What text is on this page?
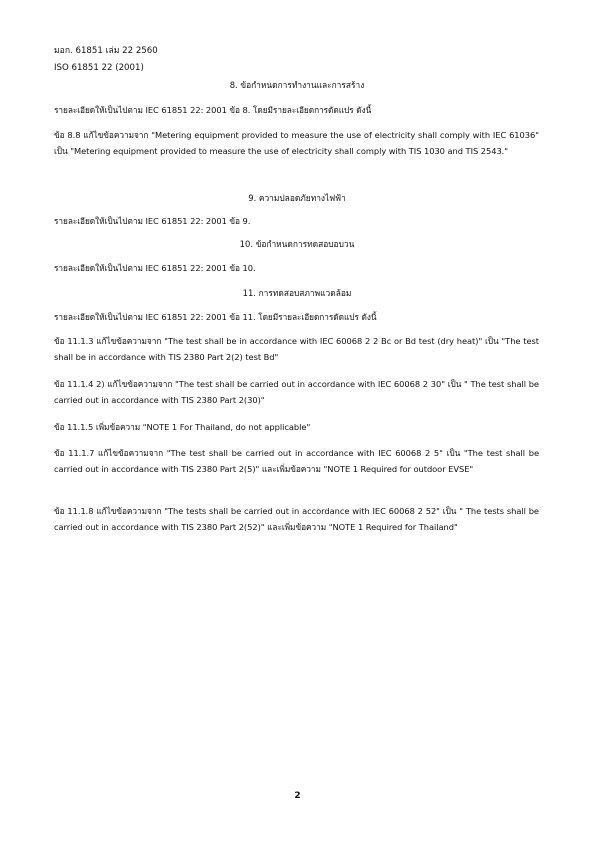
มอก. 61851 เล่ม 22 2560
ISO 61851 22 (2001)
8. ข้อกำหนดการทำงานและการสร้าง

รายละเอียดให้เป็นไปตาม IEC 61851 22: 2001 ข้อ 8. โดยมีรายละเอียดการดัดแปร ดังนี้

ข้อ 8.8 แก้ไขข้อความจาก "Metering equipment provided to measure the use of electricity shall comply with IEC 61036" เป็น "Metering equipment provided to measure the use of electricity shall comply with TIS 1030 and TIS 2543."

9. ความปลอดภัยทางไฟฟ้า

รายละเอียดให้เป็นไปตาม IEC 61851 22: 2001 ข้อ 9.

10. ข้อกำหนดการทดสอบอบวน

รายละเอียดให้เป็นไปตาม IEC 61851 22: 2001 ข้อ 10.

11. การทดสอบสภาพแวดล้อม

รายละเอียดให้เป็นไปตาม IEC 61851 22: 2001 ข้อ 11. โดยมีรายละเอียดการดัดแปร ดังนี้

ข้อ 11.1.3 แก้ไขข้อความจาก "The test shall be in accordance with IEC 60068 2 2 Bc or Bd test (dry heat)" เป็น "The test shall be in accordance with TIS 2380 Part 2(2) test Bd"

ข้อ 11.1.4 2) แก้ไขข้อความจาก "The test shall be carried out in accordance with IEC 60068 2 30" เป็น " The test shall be carried out in accordance with TIS 2380 Part 2(30)"

ข้อ 11.1.5 เพิ่มข้อความ "NOTE 1 For Thailand, do not applicable"

ข้อ 11.1.7 แก้ไขข้อความจาก "The test shall be carried out in accordance with IEC 60068 2 5" เป็น "The test shall be carried out in accordance with TIS 2380 Part 2(5)" และเพิ่มข้อความ "NOTE 1 Required for outdoor EVSE"

ข้อ 11.1.8 แก้ไขข้อความจาก "The tests shall be carried out in accordance with IEC 60068 2 52" เป็น " The tests shall be carried out in accordance with TIS 2380 Part 2(52)" และเพิ่มข้อความ "NOTE 1 Required for Thailand"

2
